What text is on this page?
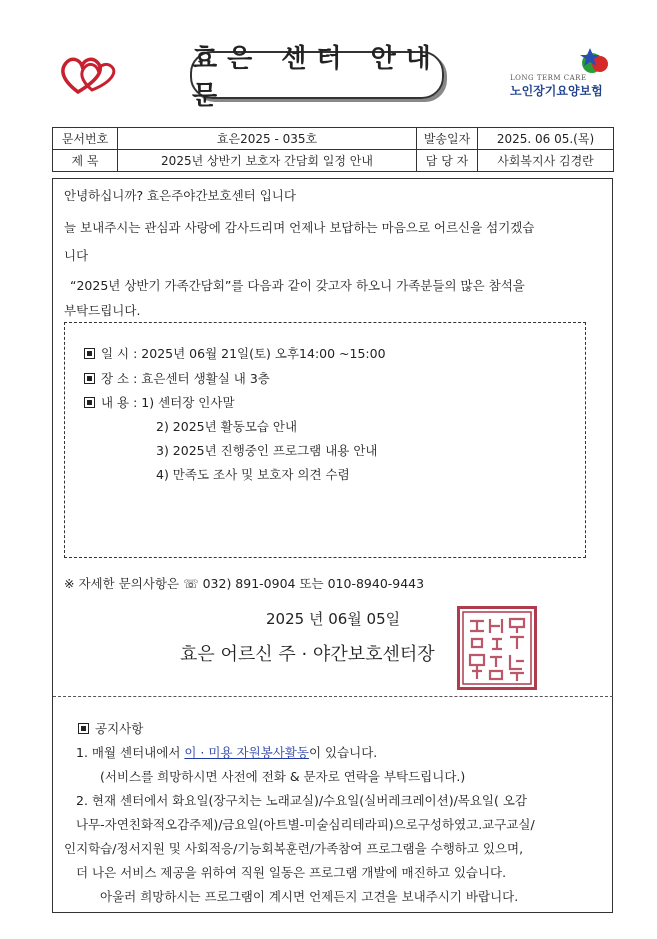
효은 센터 안내문
LONG TERM CARE
노인장기요양보험
문서번호	효은2025 - 035호	발송일자	2025. 06 05.(목)
제 목	2025년 상반기 보호자 간담회 일정 안내	담 당 자	사회복지사 김경란
안녕하십니까? 효은주야간보호센터 입니다
늘 보내주시는 관심과 사랑에 감사드리며 언제나 보답하는 마음으로 어르신을 섬기겠습
니다
“2025년 상반기 가족간담회”를 다음과 같이 갖고자 하오니 가족분들의 많은 참석을
부탁드립니다.
일 시 : 2025년 06월 21일(토) 오후14:00 ~15:00
장 소 : 효은센터 생활실 내 3층
내 용 : 1) 센터장 인사말
2) 2025년 활동모습 안내
3) 2025년 진행중인 프로그램 내용 안내
4) 만족도 조사 및 보호자 의견 수렴
※ 자세한 문의사항은 ☏ 032) 891-0904 또는 010-8940-9443
2025 년 06월 05일
효은 어르신 주 · 야간보호센터장
공지사항
1. 매월 센터내에서 이 · 미용 자원봉사활동이 있습니다.
(서비스를 희망하시면 사전에 전화 & 문자로 연락을 부탁드립니다.)
2. 현재 센터에서 화요일(장구치는 노래교실)/수요일(실버레크레이션)/목요일( 오감
나무-자연친화적오감주제)/금요일(아트별-미술심리테라피)으로구성하였고.교구교실/
인지학습/정서지원 및 사회적응/기능회복훈련/가족참여 프로그램을 수행하고 있으며,
더 나은 서비스 제공을 위하여 직원 일동은 프로그램 개발에 매진하고 있습니다.
아울러 희망하시는 프로그램이 계시면 언제든지 고견을 보내주시기 바랍니다.
